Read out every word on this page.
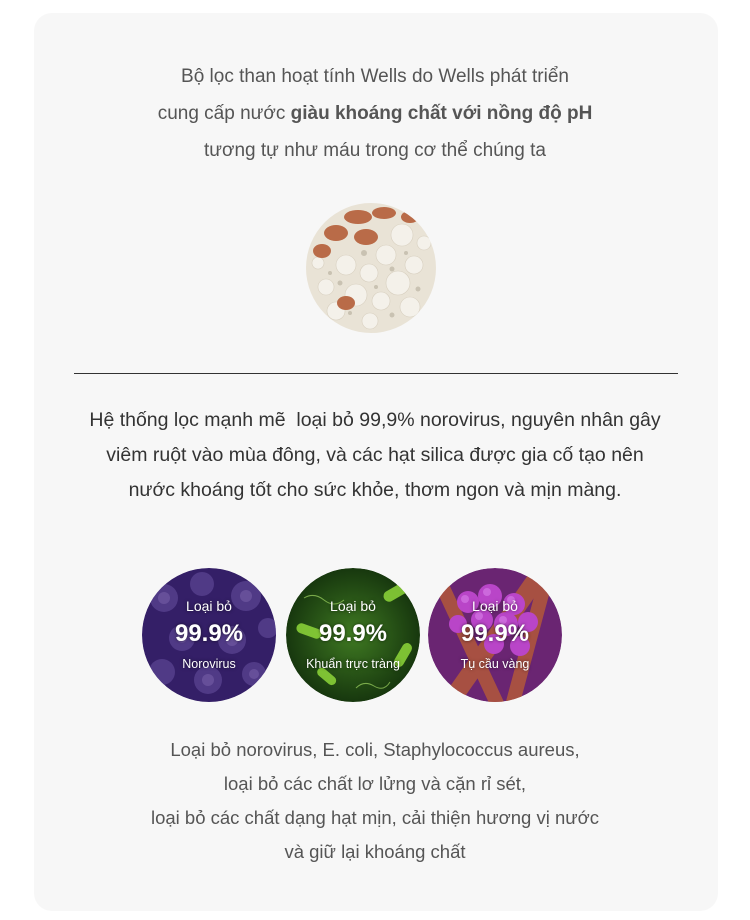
Bộ lọc than hoạt tính Wells do Wells phát triển
cung cấp nước giàu khoáng chất với nồng độ pH
tương tự như máu trong cơ thể chúng ta
Hệ thống lọc mạnh mẽ  loại bỏ 99,9% norovirus, nguyên nhân gây
viêm ruột vào mùa đông, và các hạt silica được gia cố tạo nên
nước khoáng tốt cho sức khỏe, thơm ngon và mịn màng.
Loại bỏ
99.9%
Norovirus
Loại bỏ
99.9%
Khuẩn trực tràng
Loại bỏ
99.9%
Tụ cầu vàng
Loại bỏ norovirus, E. coli, Staphylococcus aureus,
loại bỏ các chất lơ lửng và cặn rỉ sét,
loại bỏ các chất dạng hạt mịn, cải thiện hương vị nước
và giữ lại khoáng chất
